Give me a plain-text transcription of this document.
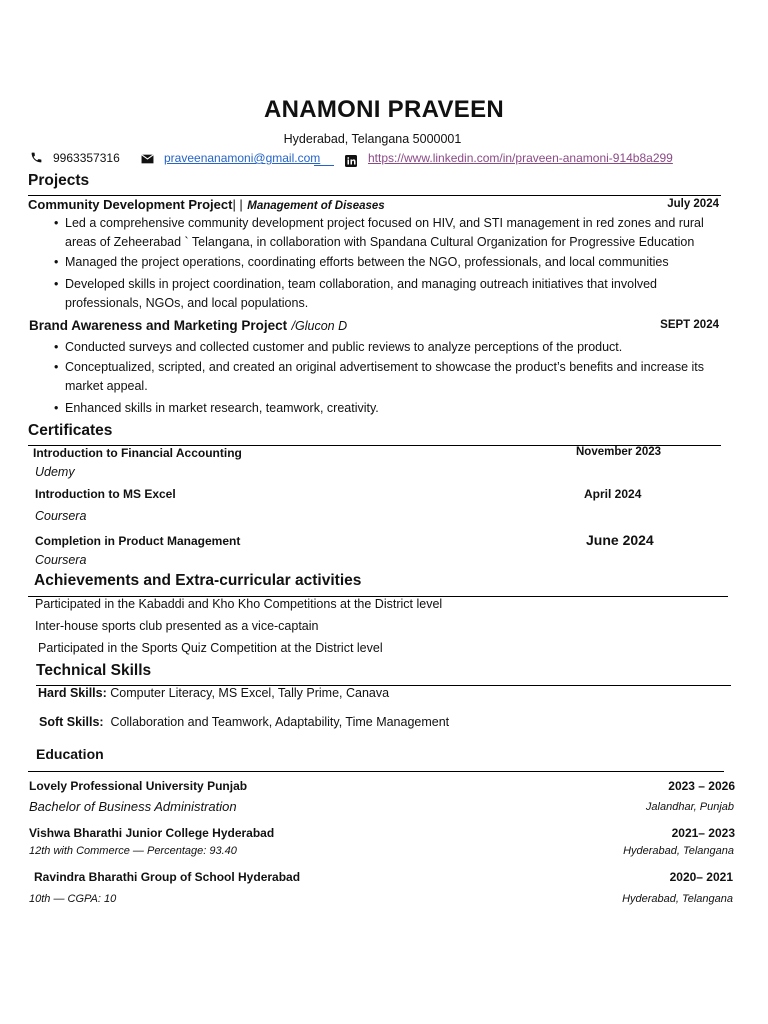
ANAMONI PRAVEEN
Hyderabad, Telangana 5000001
9963357316	praveenanamoni@gmail.com	https://www.linkedin.com/in/praveen-anamoni-914b8a299
Projects
Community Development Project| | Management of Diseases	July 2024
• Led a comprehensive community development project focused on HIV, and STI management in red zones and rural areas of Zeheerabad ` Telangana, in collaboration with Spandana Cultural Organization for Progressive Education
• Managed the project operations, coordinating efforts between the NGO, professionals, and local communities
• Developed skills in project coordination, team collaboration, and managing outreach initiatives that involved professionals, NGOs, and local populations.
Brand Awareness and Marketing Project /Glucon D	SEPT 2024
• Conducted surveys and collected customer and public reviews to analyze perceptions of the product.
• Conceptualized, scripted, and created an original advertisement to showcase the product’s benefits and increase its market appeal.
• Enhanced skills in market research, teamwork, creativity.
Certificates
Introduction to Financial Accounting	November 2023
Udemy
Introduction to MS Excel	April 2024
Coursera
Completion in Product Management	June 2024
Coursera
Achievements and Extra-curricular activities
Participated in the Kabaddi and Kho Kho Competitions at the District level
Inter-house sports club presented as a vice-captain
Participated in the Sports Quiz Competition at the District level
Technical Skills
Hard Skills: Computer Literacy, MS Excel, Tally Prime, Canava
Soft Skills: Collaboration and Teamwork, Adaptability, Time Management
Education
Lovely Professional University Punjab	2023 – 2026
Bachelor of Business Administration	Jalandhar, Punjab
Vishwa Bharathi Junior College Hyderabad	2021– 2023
12th with Commerce — Percentage: 93.40	Hyderabad, Telangana
Ravindra Bharathi Group of School Hyderabad	2020– 2021
10th — CGPA: 10	Hyderabad, Telangana
